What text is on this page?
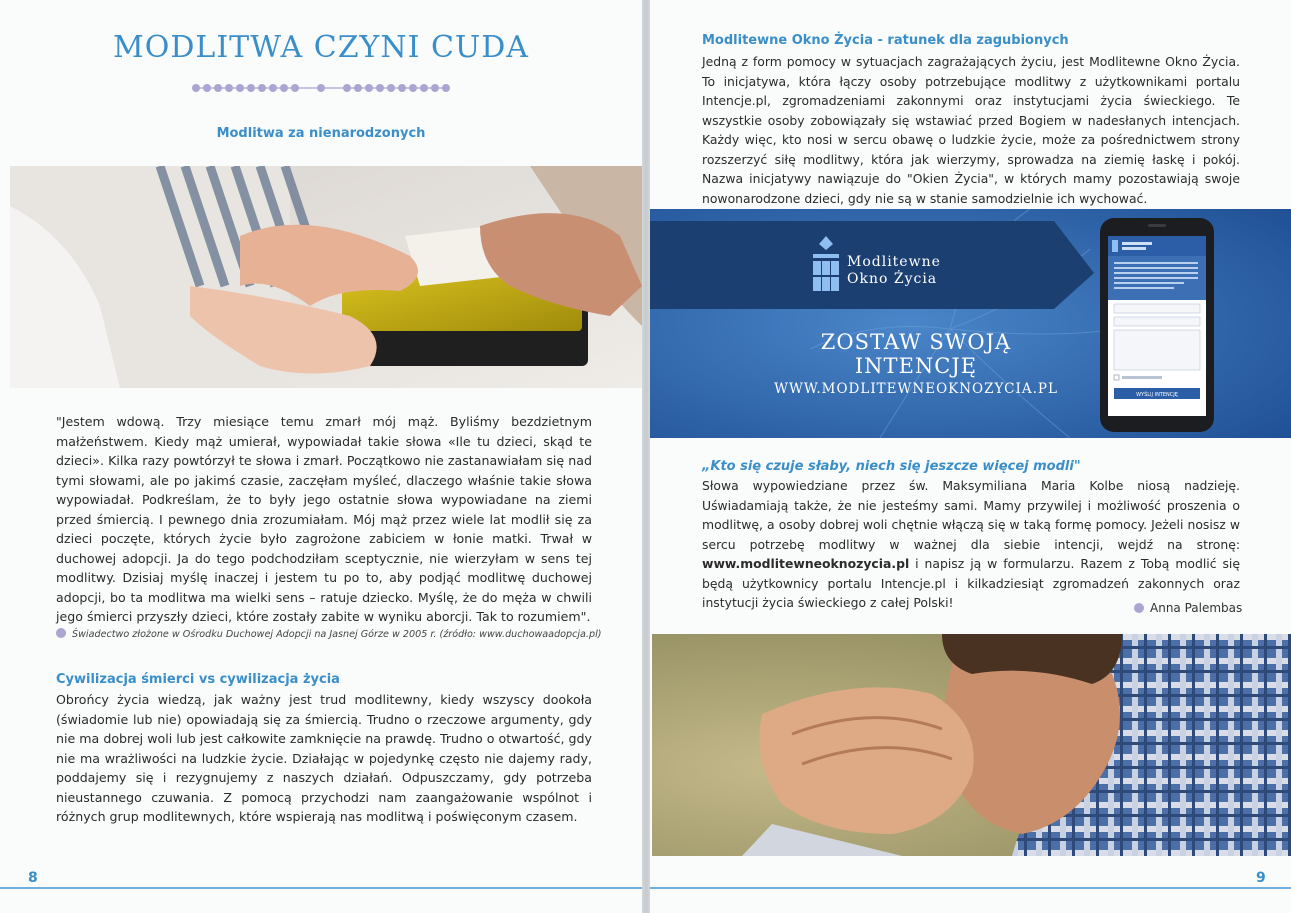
MODLITWA CZYNI CUDA
Modlitwa za nienarodzonych
"Jestem wdową. Trzy miesiące temu zmarł mój mąż. Byliśmy bezdzietnym małżeństwem. Kiedy mąż umierał, wypowiadał takie słowa «Ile tu dzieci, skąd te dzieci». Kilka razy powtórzył te słowa i zmarł. Początkowo nie zastanawiałam się nad tymi słowami, ale po jakimś czasie, zaczęłam myśleć, dlaczego właśnie takie słowa wypowiadał. Podkreślam, że to były jego ostatnie słowa wypowiadane na ziemi przed śmiercią. I pewnego dnia zrozumiałam. Mój mąż przez wiele lat modlił się za dzieci poczęte, których życie było zagrożone zabiciem w łonie matki. Trwał w duchowej adopcji. Ja do tego podchodziłam sceptycznie, nie wierzyłam w sens tej modlitwy. Dzisiaj myślę inaczej i jestem tu po to, aby podjąć modlitwę duchowej adopcji, bo ta modlitwa ma wielki sens – ratuje dziecko. Myślę, że do męża w chwili jego śmierci przyszły dzieci, które zostały zabite w wyniku aborcji. Tak to rozumiem".
Świadectwo złożone w Ośrodku Duchowej Adopcji na Jasnej Górze w 2005 r. (źródło: www.duchowaadopcja.pl)
Cywilizacja śmierci vs cywilizacja życia
Obrońcy życia wiedzą, jak ważny jest trud modlitewny, kiedy wszyscy dookoła (świadomie lub nie) opowiadają się za śmiercią. Trudno o rzeczowe argumenty, gdy nie ma dobrej woli lub jest całkowite zamknięcie na prawdę. Trudno o otwartość, gdy nie ma wrażliwości na ludzkie życie. Działając w pojedynkę często nie dajemy rady, poddajemy się i rezygnujemy z naszych działań. Odpuszczamy, gdy potrzeba nieustannego czuwania. Z pomocą przychodzi nam zaangażowanie wspólnot i różnych grup modlitewnych, które wspierają nas modlitwą i poświęconym czasem.
8
Modlitewne Okno Życia - ratunek dla zagubionych
Jedną z form pomocy w sytuacjach zagrażających życiu, jest Modlitewne Okno Życia. To inicjatywa, która łączy osoby potrzebujące modlitwy z użytkownikami portalu Intencje.pl, zgromadzeniami zakonnymi oraz instytucjami życia świeckiego. Te wszystkie osoby zobowiązały się wstawiać przed Bogiem w nadesłanych intencjach. Każdy więc, kto nosi w sercu obawę o ludzkie życie, może za pośrednictwem strony rozszerzyć siłę modlitwy, która jak wierzymy, sprowadza na ziemię łaskę i pokój. Nazwa inicjatywy nawiązuje do "Okien Życia", w których mamy pozostawiają swoje nowonarodzone dzieci, gdy nie są w stanie samodzielnie ich wychować.
Modlitewne
Okno Życia
ZOSTAW SWOJĄ INTENCJĘ
WWW.MODLITEWNEOKNOZYCIA.PL	WYŚLIJ INTENCJĘ
„Kto się czuje słaby, niech się jeszcze więcej modli"
Słowa wypowiedziane przez św. Maksymiliana Maria Kolbe niosą nadzieję. Uświadamiają także, że nie jesteśmy sami. Mamy przywilej i możliwość proszenia o modlitwę, a osoby dobrej woli chętnie włączą się w taką formę pomocy. Jeżeli nosisz w sercu potrzebę modlitwy w ważnej dla siebie intencji, wejdź na stronę: www.modlitewneoknozycia.pl i napisz ją w formularzu. Razem z Tobą modlić się będą użytkownicy portalu Intencje.pl i kilkadziesiąt zgromadzeń zakonnych oraz instytucji życia świeckiego z całej Polski!	Anna Palembas
9
